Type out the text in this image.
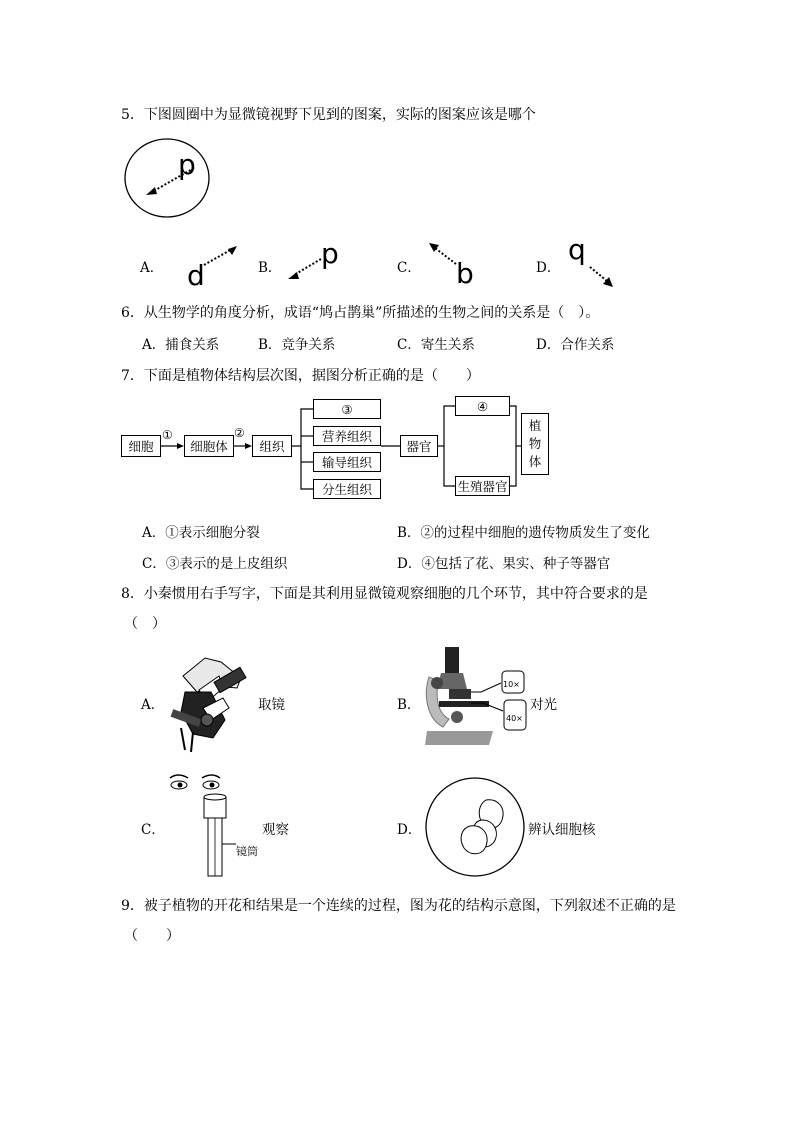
5．下图圆圈中为显微镜视野下见到的图案，实际的图案应该是哪个
p
A． d	B． p	C． b	D．
q
6．从生物学的角度分析，成语“鸠占鹊巢”所描述的生物之间的关系是（　）。
A．捕食关系	B．竞争关系	C．寄生关系	D．合作关系
7．下面是植物体结构层次图，据图分析正确的是（　　）
细胞
①
细胞体
②
组织
③
营养组织
输导组织
分生组织
器官
④
生殖器官
植
物
体
A．①表示细胞分裂	B．②的过程中细胞的遗传物质发生了变化
C．③表示的是上皮组织	D．④包括了花、果实、种子等器官
8．小秦惯用右手写字，下面是其利用显微镜观察细胞的几个环节，其中符合要求的是
（　）
A．	取镜	B．
10×
40×
对光
C．
镜筒
观察	D．	辨认细胞核
9．被子植物的开花和结果是一个连续的过程，图为花的结构示意图，下列叙述不正确的是
（　　）
